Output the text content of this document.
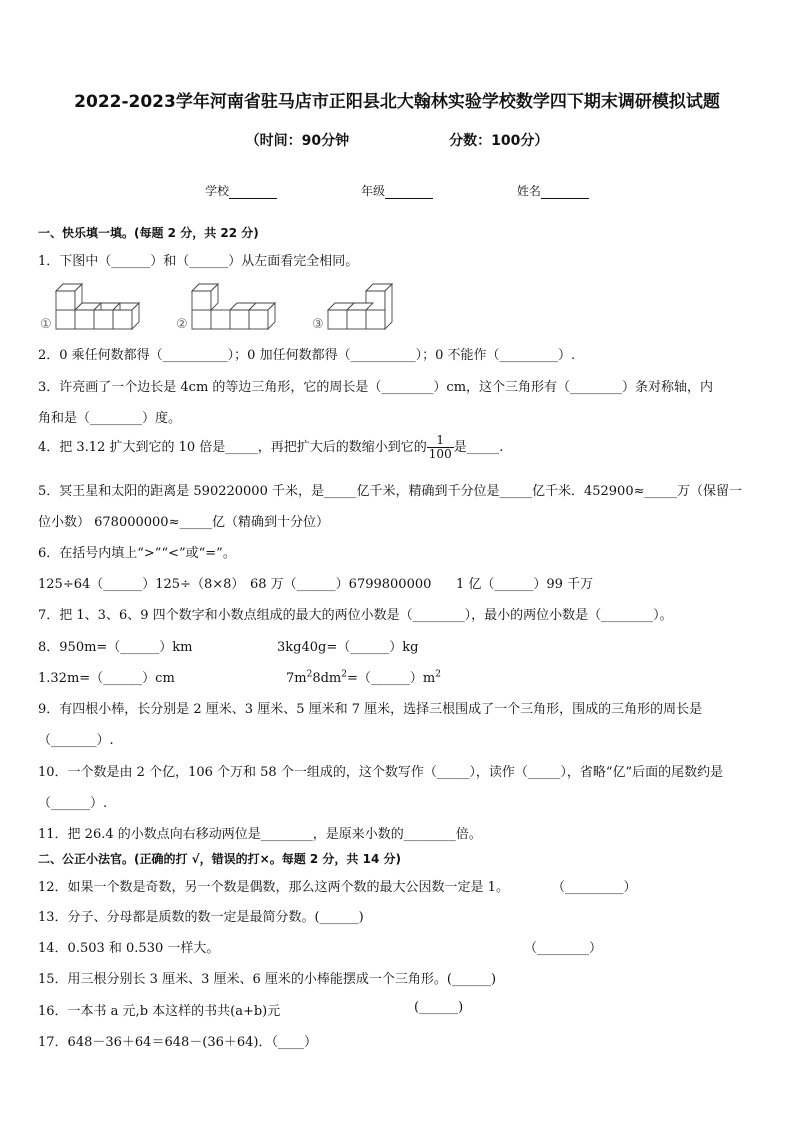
2022-2023学年河南省驻马店市正阳县北大翰林实验学校数学四下期末调研模拟试题
（时间：90分钟	分数：100分）
学校	年级	姓名
一、快乐填一填。(每题 2 分，共 22 分)
1．下图中（______）和（______）从左面看完全相同。
①	②	③
2．0 乘任何数都得（__________）；0 加任何数都得（__________）；0 不能作（_________）.
3．许亮画了一个边长是 4cm 的等边三角形，它的周长是（________）cm，这个三角形有（________）条对称轴，内
角和是（________）度。
4．把 3.12 扩大到它的 10 倍是_____，再把扩大后的数缩小到它的 $\frac{1}{100}$ 是_____.
5．冥王星和太阳的距离是 590220000 千米，是_____亿千米，精确到千分位是_____亿千米．452900≈_____万（保留一
位小数） 678000000≈_____亿（精确到十分位）
6．在括号内填上“>”“<”或“=”。
125÷64（______）125÷（8×8） 68 万（______）6799800000 1 亿（______）99 千万
7．把 1、3、6、9 四个数字和小数点组成的最大的两位小数是（________），最小的两位小数是（________）。
8．950m=（______）km	3kg40g=（______）kg
1.32m=（______）cm	$7m^28dm^2=(\_\_\_\_\_\_)m^2$
9．有四根小棒，长分别是 2 厘米、3 厘米、5 厘米和 7 厘米，选择三根围成了一个三角形，围成的三角形的周长是
（_______）.
10．一个数是由 2 个亿，106 个万和 58 个一组成的，这个数写作（_____），读作（_____），省略“亿”后面的尾数约是
（______）.
11．把 26.4 的小数点向右移动两位是________，是原来小数的________倍。
二、公正小法官。(正确的打 √，错误的打×。每题 2 分，共 14 分)
12．如果一个数是奇数，另一个数是偶数，那么这两个数的最大公因数一定是 1。	（_________）
13．分子、分母都是质数的数一定是最简分数。(______)
14．0.503 和 0.530 一样大。	（________）
15．用三根分别长 3 厘米、3 厘米、6 厘米的小棒能摆成一个三角形。(______)
16．一本书 a 元,b 本这样的书共(a+b)元	(______)
17．648－36＋64＝648－(36＋64)．（____）
